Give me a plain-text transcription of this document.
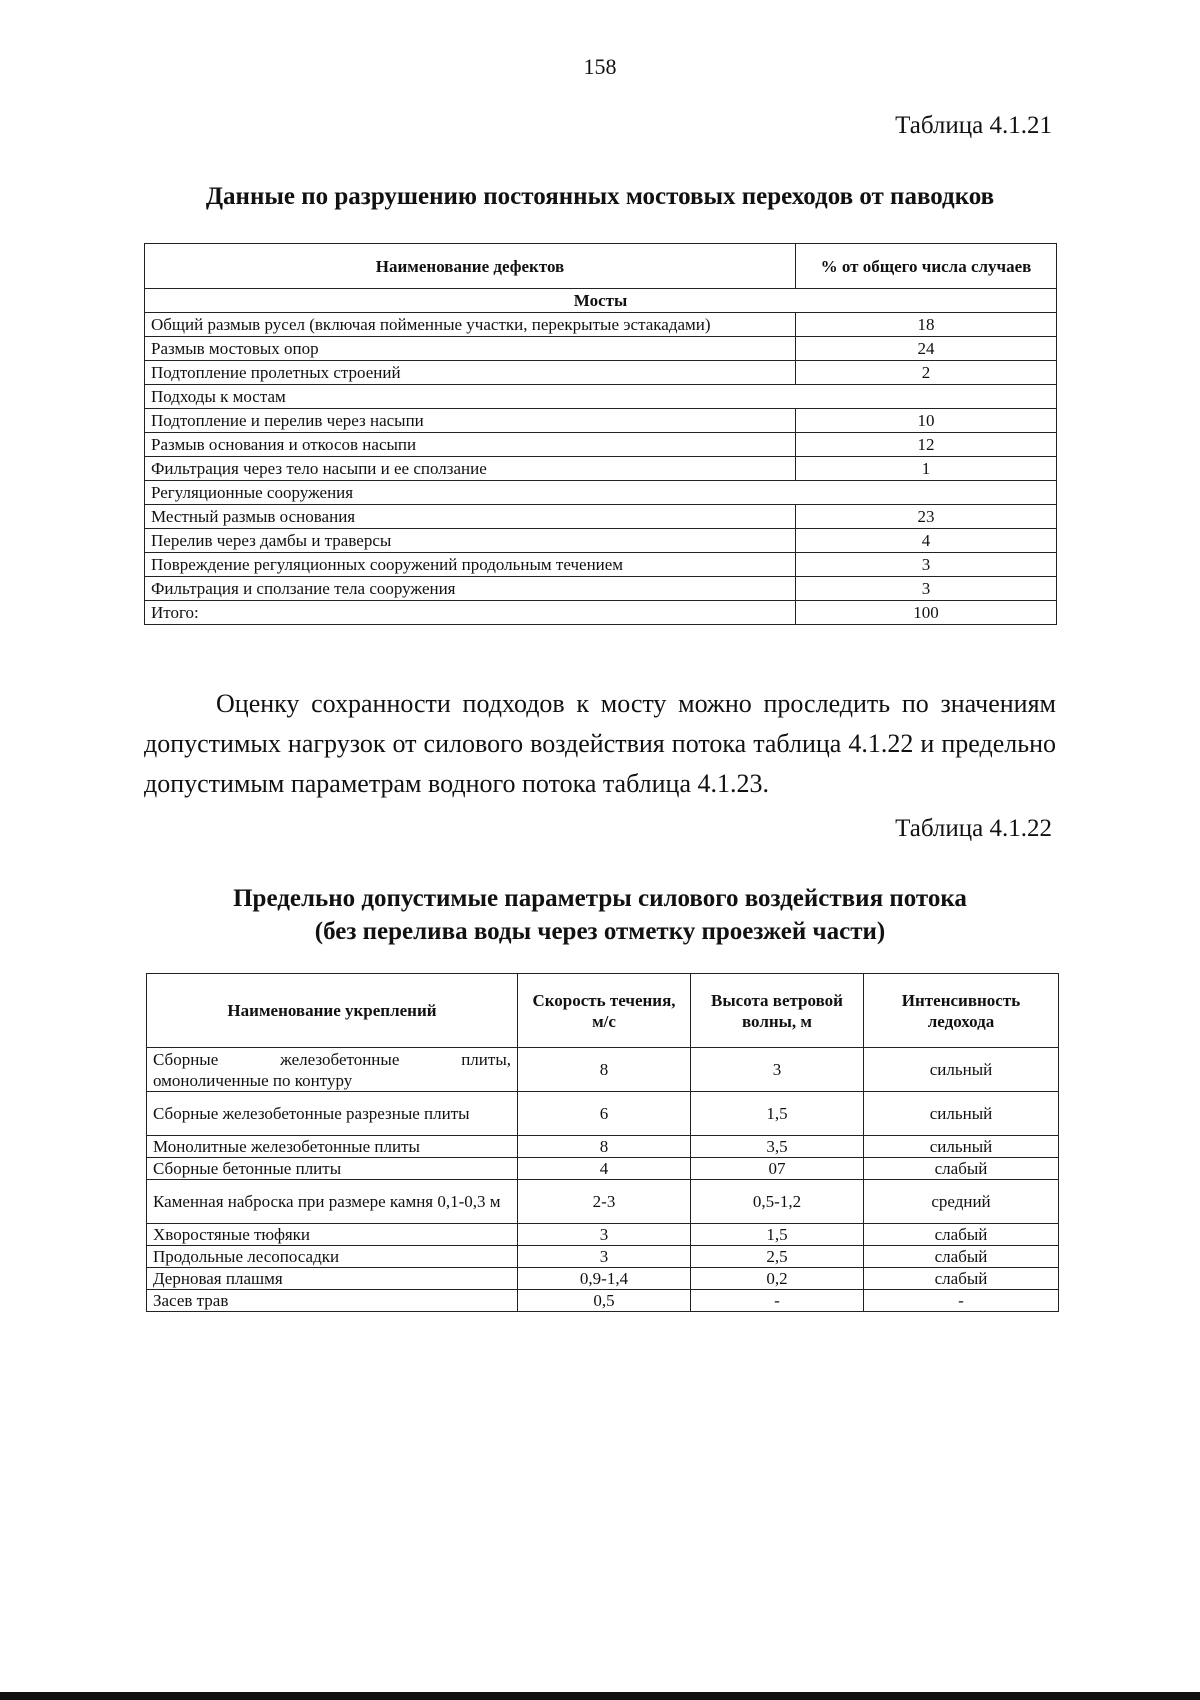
158
Таблица 4.1.21
Данные по разрушению постоянных мостовых переходов от паводков
Наименование дефектов	% от общего числа случаев
Мосты	
Общий размыв русел (включая пойменные участки, перекрытые эстакадами)	18
Размыв мостовых опор	24
Подтопление пролетных строений	2
Подходы к мостам	
Подтопление и перелив через насыпи	10
Размыв основания и откосов насыпи	12
Фильтрация через тело насыпи и ее сползание	1
Регуляционные сооружения	
Местный размыв основания	23
Перелив через дамбы и траверсы	4
Повреждение регуляционных сооружений продольным течением	3
Фильтрация и сползание тела сооружения	3
Итого:	100
Оценку сохранности подходов к мосту можно проследить по значениям допустимых нагрузок от силового воздействия потока таблица 4.1.22 и предельно допустимым параметрам водного потока таблица 4.1.23.
Таблица 4.1.22
Предельно допустимые параметры силового воздействия потока
(без перелива воды через отметку проезжей части)
Наименование укреплений	Скорость течения, м/с	Высота ветровой волны, м	Интенсивность ледохода
Сборные железобетонные плиты, омоноличенные по контуру	8	3	сильный
Сборные железобетонные разрезные плиты	6	1,5	сильный
Монолитные железобетонные плиты	8	3,5	сильный
Сборные бетонные плиты	4	07	слабый
Каменная наброска при размере камня 0,1-0,3 м	2-3	0,5-1,2	средний
Хворостяные тюфяки	3	1,5	слабый
Продольные лесопосадки	3	2,5	слабый
Дерновая плашмя	0,9-1,4	0,2	слабый
Засев трав	0,5	-	-
